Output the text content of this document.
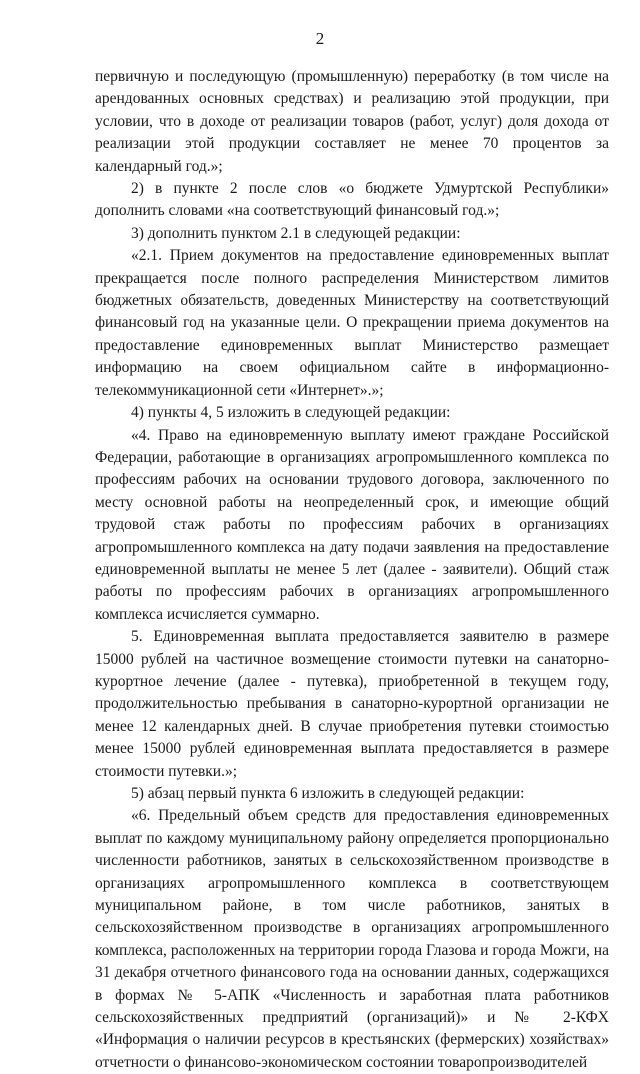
2

первичную и последующую (промышленную) переработку (в том числе на арендованных основных средствах) и реализацию этой продукции, при условии, что в доходе от реализации товаров (работ, услуг) доля дохода от реализации этой продукции составляет не менее 70 процентов за календарный год.»;

2) в пункте 2 после слов «о бюджете Удмуртской Республики» дополнить словами «на соответствующий финансовый год.»;

3) дополнить пунктом 2.1 в следующей редакции:

«2.1. Прием документов на предоставление единовременных выплат прекращается после полного распределения Министерством лимитов бюджетных обязательств, доведенных Министерству на соответствующий финансовый год на указанные цели. О прекращении приема документов на предоставление единовременных выплат Министерство размещает информацию на своем официальном сайте в информационно-телекоммуникационной сети «Интернет».»;

4) пункты 4, 5 изложить в следующей редакции:

«4. Право на единовременную выплату имеют граждане Российской Федерации, работающие в организациях агропромышленного комплекса по профессиям рабочих на основании трудового договора, заключенного по месту основной работы на неопределенный срок, и имеющие общий трудовой стаж работы по профессиям рабочих в организациях агропромышленного комплекса на дату подачи заявления на предоставление единовременной выплаты не менее 5 лет (далее - заявители). Общий стаж работы по профессиям рабочих в организациях агропромышленного комплекса исчисляется суммарно.

5. Единовременная выплата предоставляется заявителю в размере 15000 рублей на частичное возмещение стоимости путевки на санаторно-курортное лечение (далее - путевка), приобретенной в текущем году, продолжительностью пребывания в санаторно-курортной организации не менее 12 календарных дней. В случае приобретения путевки стоимостью менее 15000 рублей единовременная выплата предоставляется в размере стоимости путевки.»;

5) абзац первый пункта 6 изложить в следующей редакции:

«6. Предельный объем средств для предоставления единовременных выплат по каждому муниципальному району определяется пропорционально численности работников, занятых в сельскохозяйственном производстве в организациях агропромышленного комплекса в соответствующем муниципальном районе, в том числе работников, занятых в сельскохозяйственном производстве в организациях агропромышленного комплекса, расположенных на территории города Глазова и города Можги, на 31 декабря отчетного финансового года на основании данных, содержащихся в формах № 5-АПК «Численность и заработная плата работников сельскохозяйственных предприятий (организаций)» и № 2-КФХ «Информация о наличии ресурсов в крестьянских (фермерских) хозяйствах» отчетности о финансово-экономическом состоянии товаропроизводителей
